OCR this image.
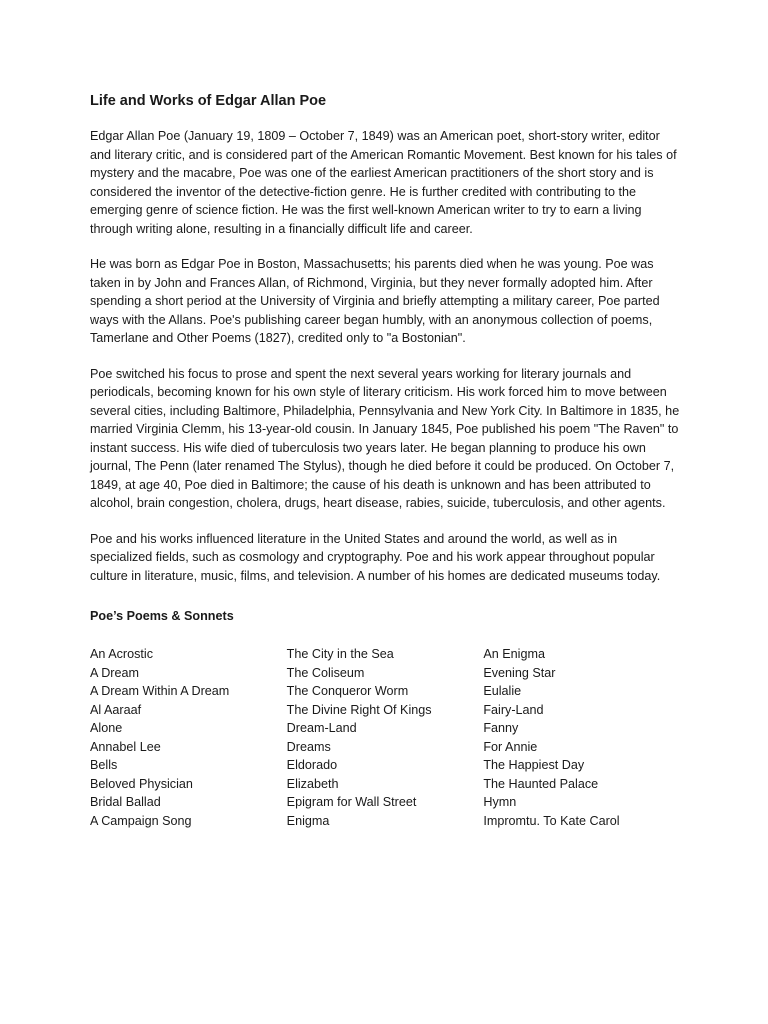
Life and Works of Edgar Allan Poe

Edgar Allan Poe (January 19, 1809 – October 7, 1849) was an American poet, short-story writer, editor and literary critic, and is considered part of the American Romantic Movement. Best known for his tales of mystery and the macabre, Poe was one of the earliest American practitioners of the short story and is considered the inventor of the detective-fiction genre. He is further credited with contributing to the emerging genre of science fiction. He was the first well-known American writer to try to earn a living through writing alone, resulting in a financially difficult life and career.

He was born as Edgar Poe in Boston, Massachusetts; his parents died when he was young. Poe was taken in by John and Frances Allan, of Richmond, Virginia, but they never formally adopted him. After spending a short period at the University of Virginia and briefly attempting a military career, Poe parted ways with the Allans. Poe's publishing career began humbly, with an anonymous collection of poems, Tamerlane and Other Poems (1827), credited only to "a Bostonian".

Poe switched his focus to prose and spent the next several years working for literary journals and periodicals, becoming known for his own style of literary criticism. His work forced him to move between several cities, including Baltimore, Philadelphia, Pennsylvania and New York City. In Baltimore in 1835, he married Virginia Clemm, his 13-year-old cousin. In January 1845, Poe published his poem "The Raven" to instant success. His wife died of tuberculosis two years later. He began planning to produce his own journal, The Penn (later renamed The Stylus), though he died before it could be produced. On October 7, 1849, at age 40, Poe died in Baltimore; the cause of his death is unknown and has been attributed to alcohol, brain congestion, cholera, drugs, heart disease, rabies, suicide, tuberculosis, and other agents.

Poe and his works influenced literature in the United States and around the world, as well as in specialized fields, such as cosmology and cryptography. Poe and his work appear throughout popular culture in literature, music, films, and television. A number of his homes are dedicated museums today.

Poe’s Poems & Sonnets
An Acrostic
A Dream
A Dream Within A Dream
Al Aaraaf
Alone
Annabel Lee
Bells
Beloved Physician
Bridal Ballad
A Campaign Song
The City in the Sea
The Coliseum
The Conqueror Worm
The Divine Right Of Kings
Dream-Land
Dreams
Eldorado
Elizabeth
Epigram for Wall Street
Enigma
An Enigma
Evening Star
Eulalie
Fairy-Land
Fanny
For Annie
The Happiest Day
The Haunted Palace
Hymn
Impromtu. To Kate Carol
